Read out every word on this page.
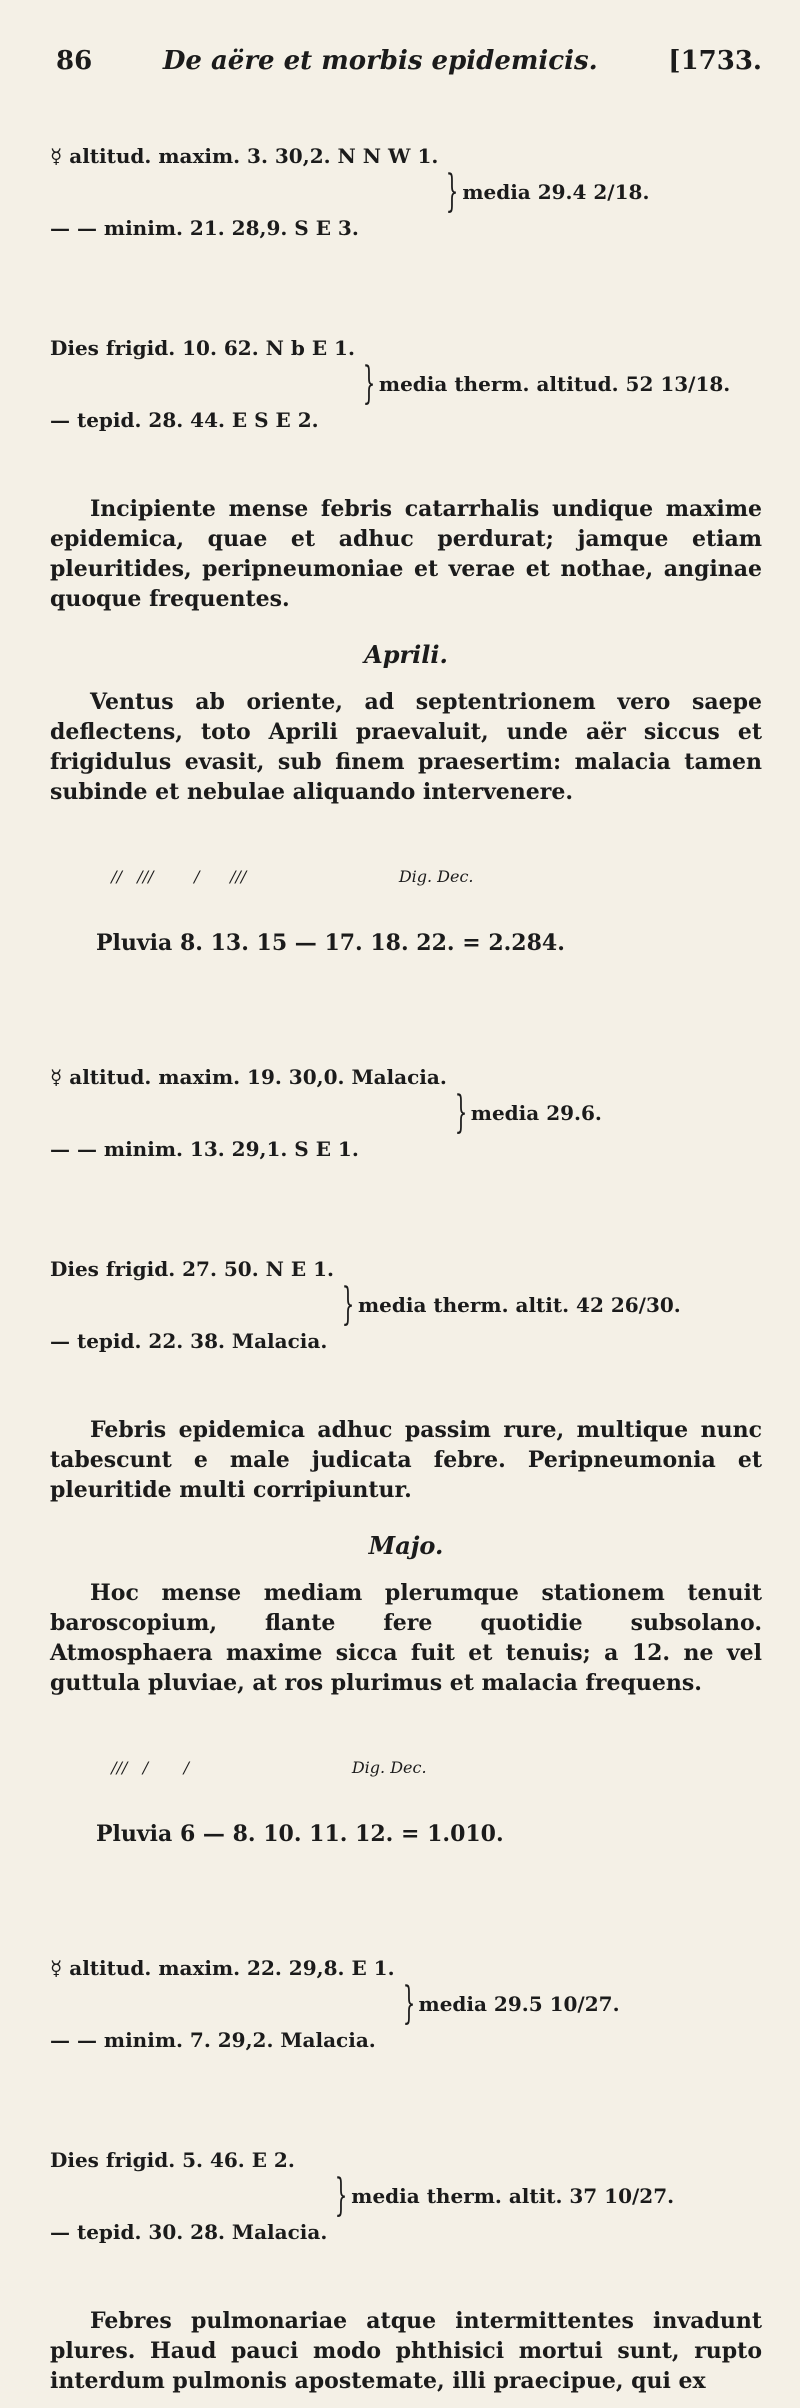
86	De aëre et morbis epidemicis.	[1733.

☿ altitud. maxim. 3. 30,2. N N W 1.

— — minim. 21. 28,9. S E 3.

} media 29.4 2/18.

Dies frigid. 10. 62. N b E 1.

— tepid. 28. 44. E S E 2.

} media therm. altitud. 52 13/18.

Incipiente mense febris catarrhalis undique maxime epidemica, quae et adhuc perdurat; jamque etiam pleuritides, peripneumoniae et verae et nothae, anginae quoque frequentes.

Aprili.

Ventus ab oriente, ad septentrionem vero saepe deflectens, toto Aprili praevaluit, unde aër siccus et frigidulus evasit, sub finem praesertim: malacia tamen subinde et nebulae aliquando intervenere.

//   ///        /      ///	Dig. Dec.

Pluvia 8. 13. 15 — 17. 18. 22. = 2.284.

☿ altitud. maxim. 19. 30,0. Malacia.

— — minim. 13. 29,1. S E 1.

} media 29.6.

Dies frigid. 27. 50. N E 1.

— tepid. 22. 38. Malacia.

} media therm. altit. 42 26/30.

Febris epidemica adhuc passim rure, multique nunc tabescunt e male judicata febre. Peripneumonia et pleuritide multi corripiuntur.

Majo.

Hoc mense mediam plerumque stationem tenuit baroscopium, flante fere quotidie subsolano. Atmosphaera maxime sicca fuit et tenuis; a 12. ne vel guttula pluviae, at ros plurimus et malacia frequens.

///   /       /	Dig. Dec.

Pluvia 6 — 8. 10. 11. 12. = 1.010.

☿ altitud. maxim. 22. 29,8. E 1.

— — minim. 7. 29,2. Malacia.

} media 29.5 10/27.

Dies frigid. 5. 46. E 2.

— tepid. 30. 28. Malacia.

} media therm. altit. 37 10/27.

Febres pulmonariae atque intermittentes invadunt plures. Haud pauci modo phthisici mortui sunt, rupto interdum pulmonis apostemate, illi praecipue, qui ex
